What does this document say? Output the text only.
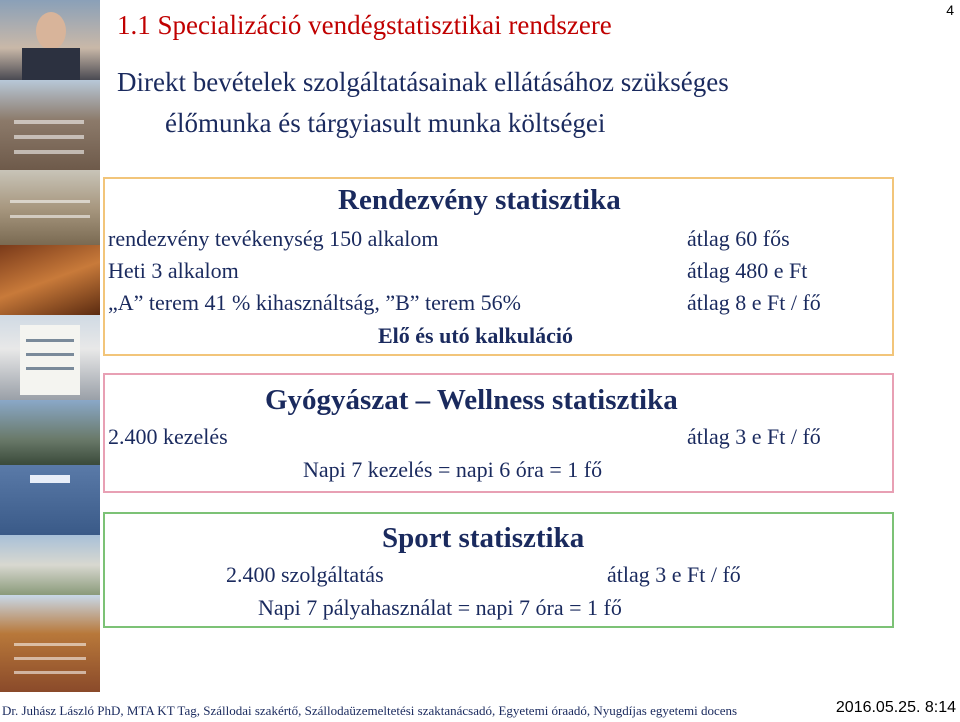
1.1 Specializáció vendégstatisztikai rendszere	4
Direkt bevételek szolgáltatásainak ellátásához szükséges
élőmunka és tárgyiasult munka költségei
Rendezvény statisztika
rendezvény tevékenység 150 alkalom	átlag 60 fős
Heti 3 alkalom	átlag 480 e Ft
„A” terem 41 % kihasználtság, ”B” terem 56%	átlag 8 e Ft / fő
Elő és utó kalkuláció
Gyógyászat – Wellness statisztika
2.400 kezelés	átlag 3 e Ft / fő
Napi 7 kezelés = napi 6 óra = 1 fő
Sport statisztika
2.400 szolgáltatás	átlag 3 e Ft / fő
Napi 7 pályahasználat = napi 7 óra = 1 fő
Dr. Juhász László PhD, MTA KT Tag, Szállodai szakértő, Szállodaüzemeltetési szaktanácsadó, Egyetemi óraadó, Nyugdíjas egyetemi docens	2016.05.25. 8:14
